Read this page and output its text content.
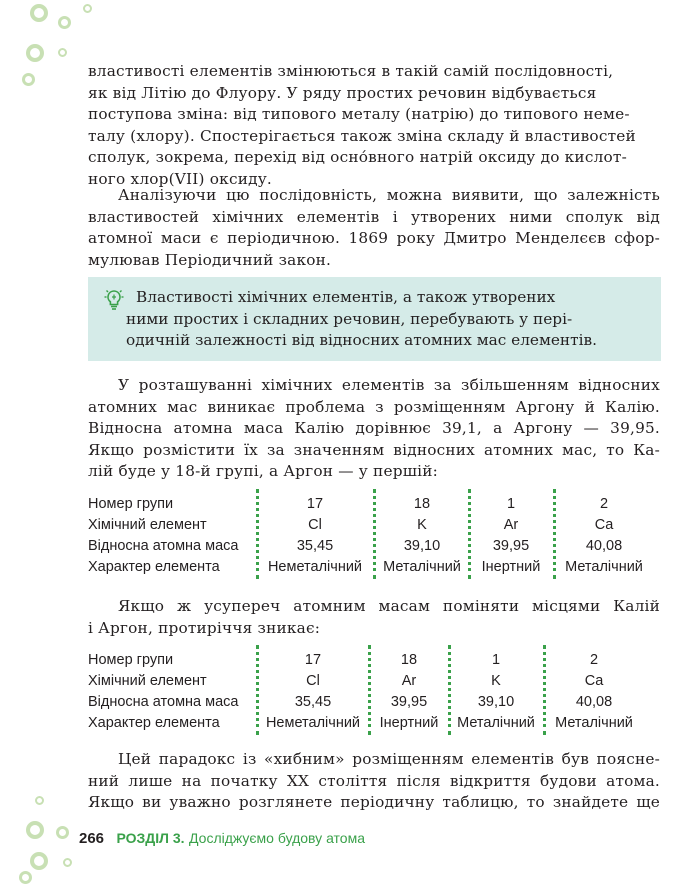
властивості елементів змінюються в такій самій послідовності,
як від Літію до Флуору. У ряду простих речовин відбувається
поступова зміна: від типового металу (натрію) до типового неме-
талу (хлору). Спостерігається також зміна складу й властивостей
сполук, зокрема, перехід від осно́вного натрій оксиду до кислот-
ного хлор(VII) оксиду.
Аналізуючи цю послідовність, можна виявити, що залежність
властивостей хімічних елементів і утворених ними сполук від
атомної маси є періодичною. 1869 року Дмитро Менделєєв сфор-
мулював Періодичний закон.
Властивості хімічних елементів, а також утворених
ними простих і складних речовин, перебувають у пері-
одичній залежності від відносних атомних мас елементів.
У розташуванні хімічних елементів за збільшенням відносних
атомних мас виникає проблема з розміщенням Аргону й Калію.
Відносна атомна маса Калію дорівнює 39,1, а Аргону — 39,95.
Якщо розмістити їх за значенням відносних атомних мас, то Ка-
лій буде у 18-й групі, а Аргон — у першій:
Номер групи	17	18	1	2
Хімічний елемент	Cl	K	Ar	Ca
Відносна атомна маса	35,45	39,10	39,95	40,08
Характер елемента	Неметалічний	Металічний	Інертний	Металічний
Якщо ж усупереч атомним масам поміняти місцями Калій
і Аргон, протиріччя зникає:
Номер групи	17	18	1	2
Хімічний елемент	Cl	Ar	K	Ca
Відносна атомна маса	35,45	39,95	39,10	40,08
Характер елемента	Неметалічний	Інертний	Металічний	Металічний
Цей парадокс із «хибним» розміщенням елементів був пояснe-
ний лише на початку ХХ століття після відкриття будови атома.
Якщо ви уважно розглянете періодичну таблицю, то знайдете ще
266 РОЗДІЛ 3. Досліджуємо будову атома
